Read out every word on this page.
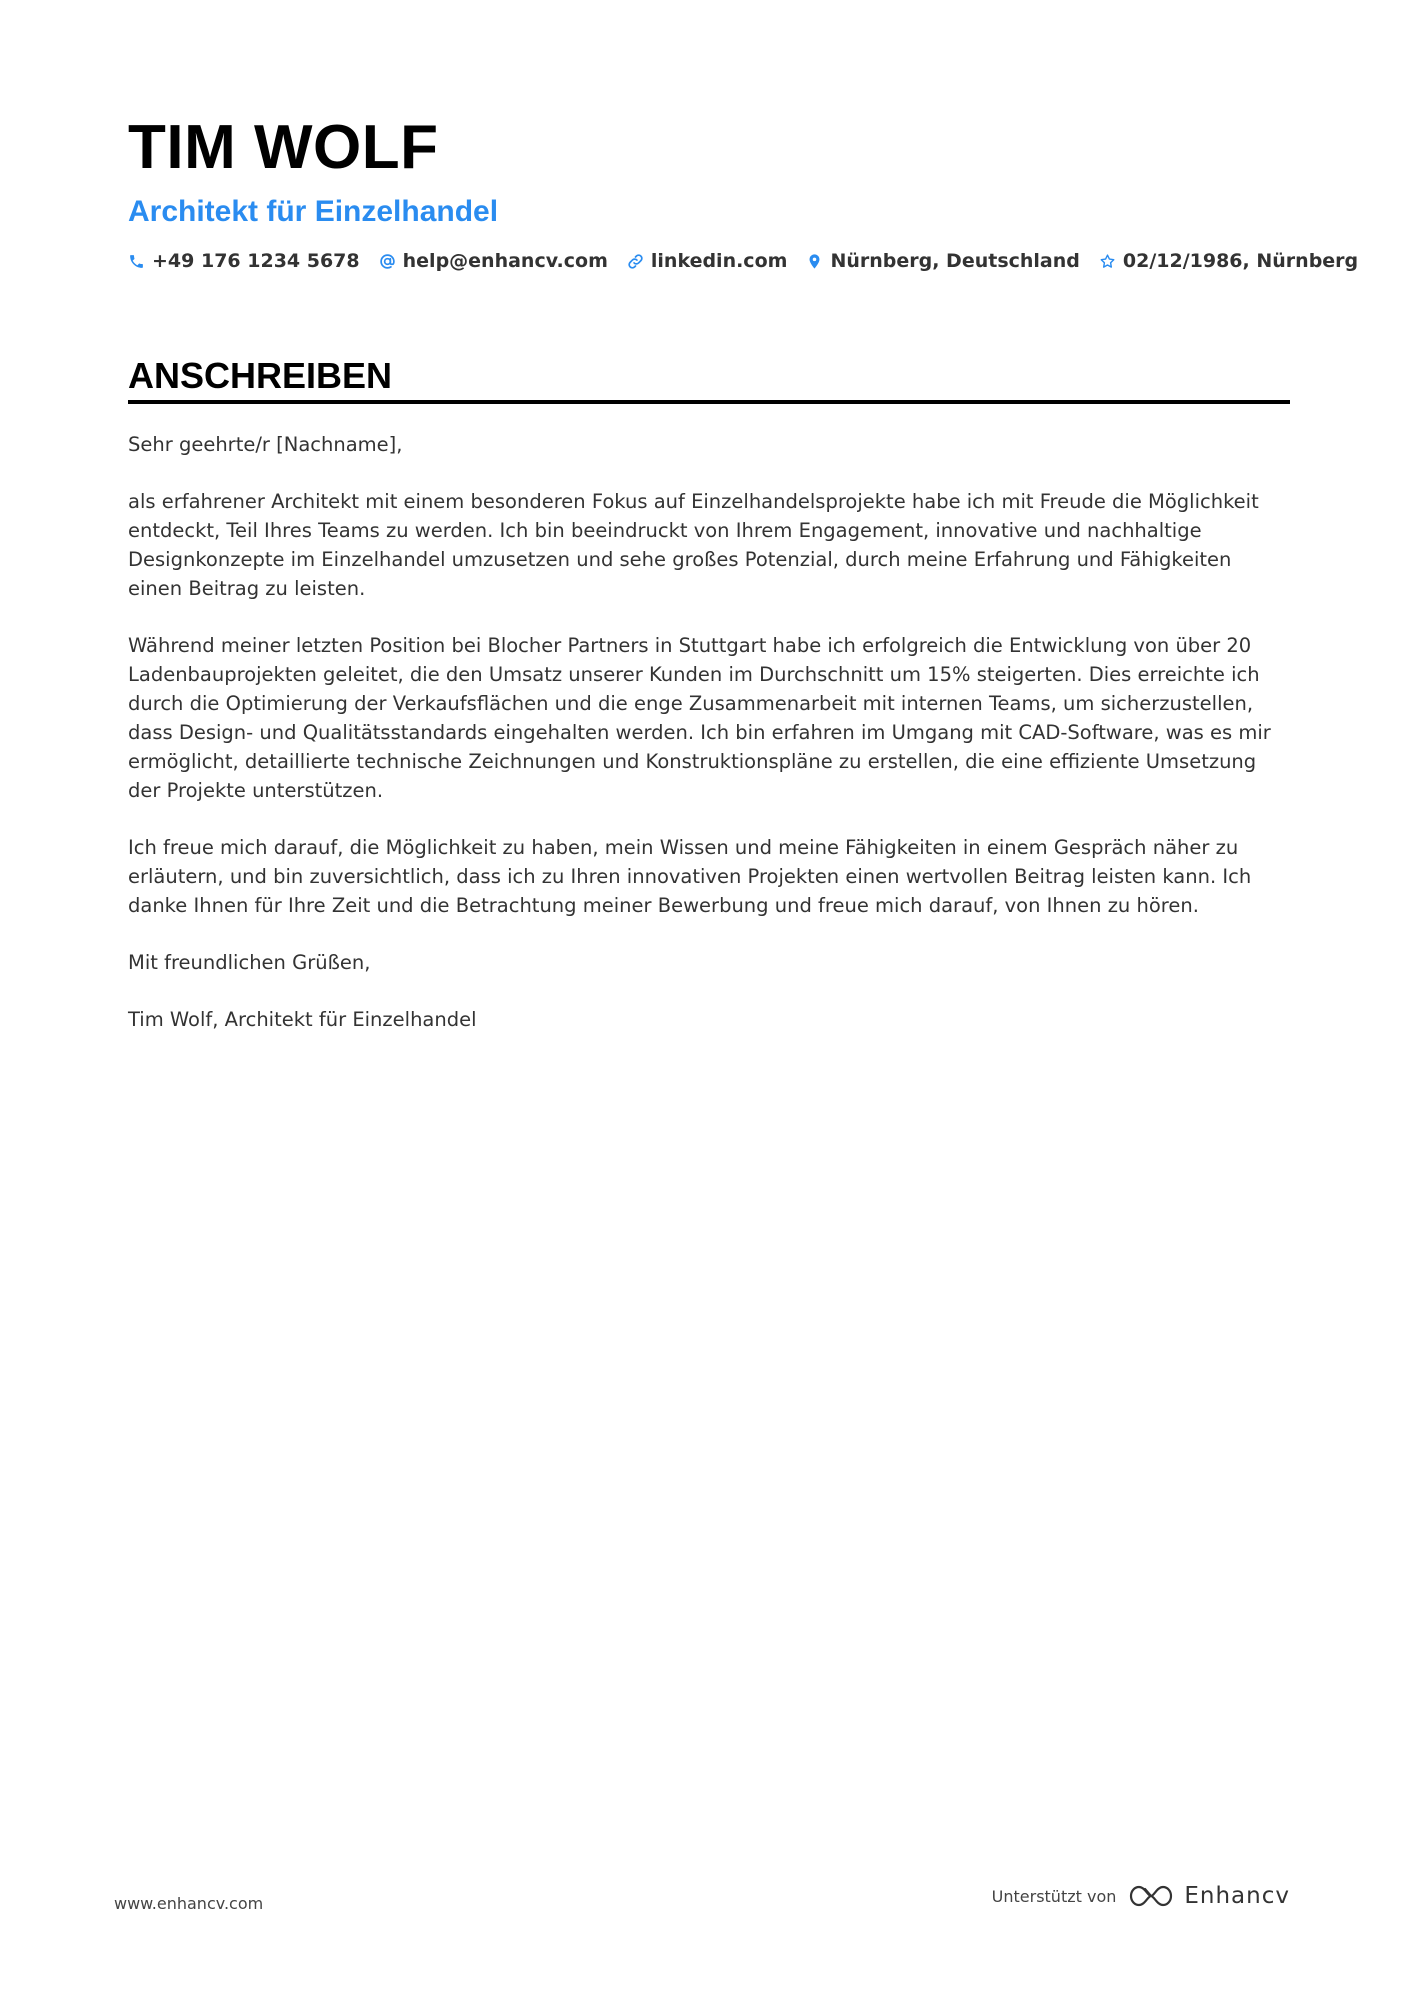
TIM WOLF
Architekt für Einzelhandel
+49 176 1234 5678 help@enhancv.com linkedin.com Nürnberg, Deutschland 02/12/1986, Nürnberg
ANSCHREIBEN

Sehr geehrte/r [Nachname],

als erfahrener Architekt mit einem besonderen Fokus auf Einzelhandelsprojekte habe ich mit Freude die Möglichkeit entdeckt, Teil Ihres Teams zu werden. Ich bin beeindruckt von Ihrem Engagement, innovative und nachhaltige Designkonzepte im Einzelhandel umzusetzen und sehe großes Potenzial, durch meine Erfahrung und Fähigkeiten einen Beitrag zu leisten.

Während meiner letzten Position bei Blocher Partners in Stuttgart habe ich erfolgreich die Entwicklung von über 20 Ladenbauprojekten geleitet, die den Umsatz unserer Kunden im Durchschnitt um 15% steigerten. Dies erreichte ich durch die Optimierung der Verkaufsflächen und die enge Zusammenarbeit mit internen Teams, um sicherzustellen, dass Design- und Qualitätsstandards eingehalten werden. Ich bin erfahren im Umgang mit CAD-Software, was es mir ermöglicht, detaillierte technische Zeichnungen und Konstruktionspläne zu erstellen, die eine effiziente Umsetzung der Projekte unterstützen.

Ich freue mich darauf, die Möglichkeit zu haben, mein Wissen und meine Fähigkeiten in einem Gespräch näher zu erläutern, und bin zuversichtlich, dass ich zu Ihren innovativen Projekten einen wertvollen Beitrag leisten kann. Ich danke Ihnen für Ihre Zeit und die Betrachtung meiner Bewerbung und freue mich darauf, von Ihnen zu hören.

Mit freundlichen Grüßen,

Tim Wolf, Architekt für Einzelhandel

www.enhancv.com	Unterstützt von	Enhancv
